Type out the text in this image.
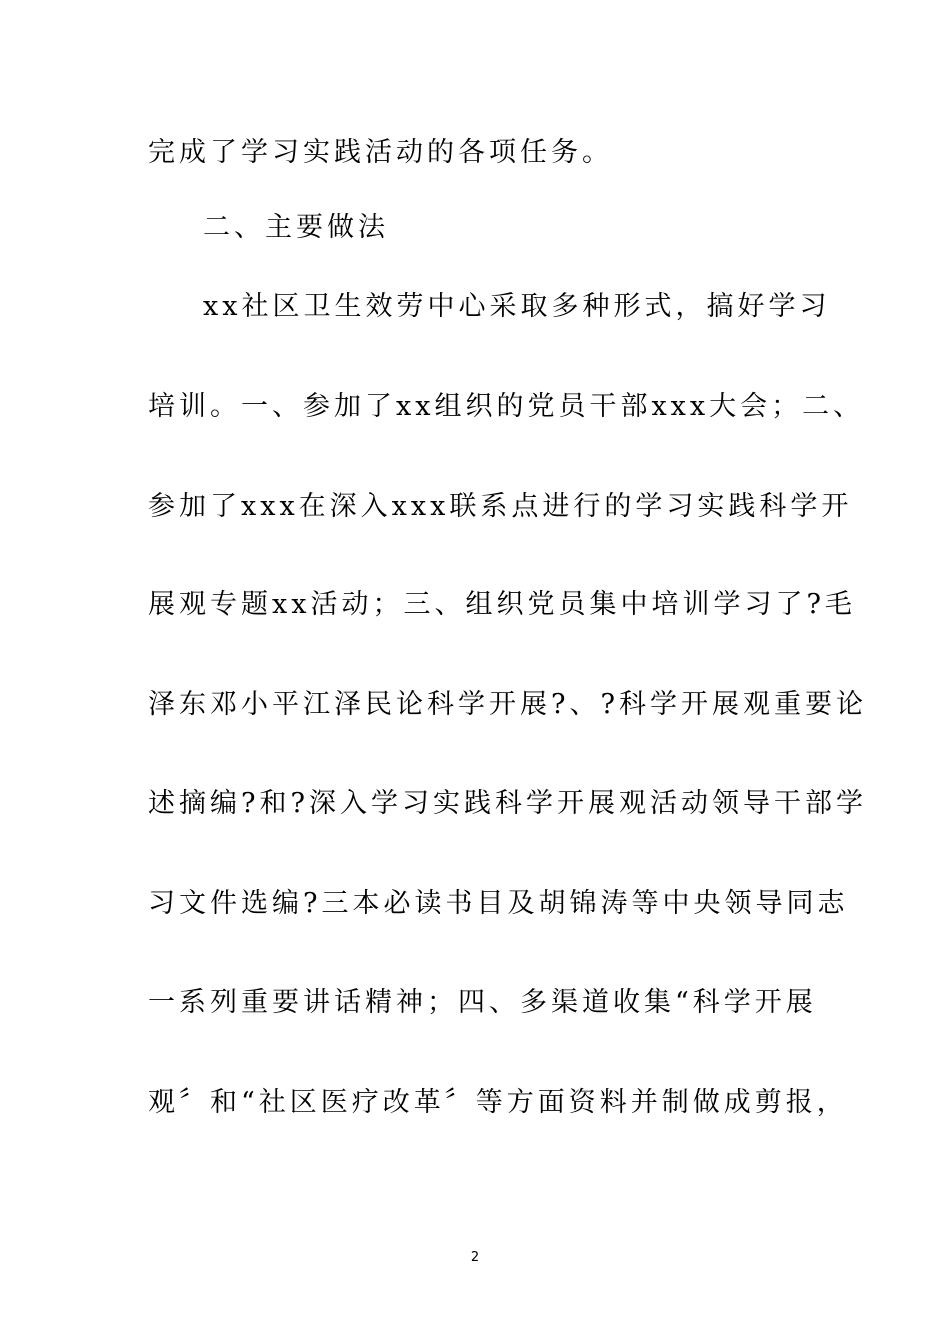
完成了学习实践活动的各项任务。
二、主要做法
xx社区卫生效劳中心采取多种形式，搞好学习
培训。一、参加了xx组织的党员干部xxx大会；二、
参加了xxx在深入xxx联系点进行的学习实践科学开
展观专题xx活动；三、组织党员集中培训学习了?毛
泽东邓小平江泽民论科学开展?、?科学开展观重要论
述摘编?和?深入学习实践科学开展观活动领导干部学
习文件选编?三本必读书目及胡锦涛等中央领导同志
一系列重要讲话精神；四、多渠道收集“科学开展
观〞和“社区医疗改革〞等方面资料并制做成剪报，
2
